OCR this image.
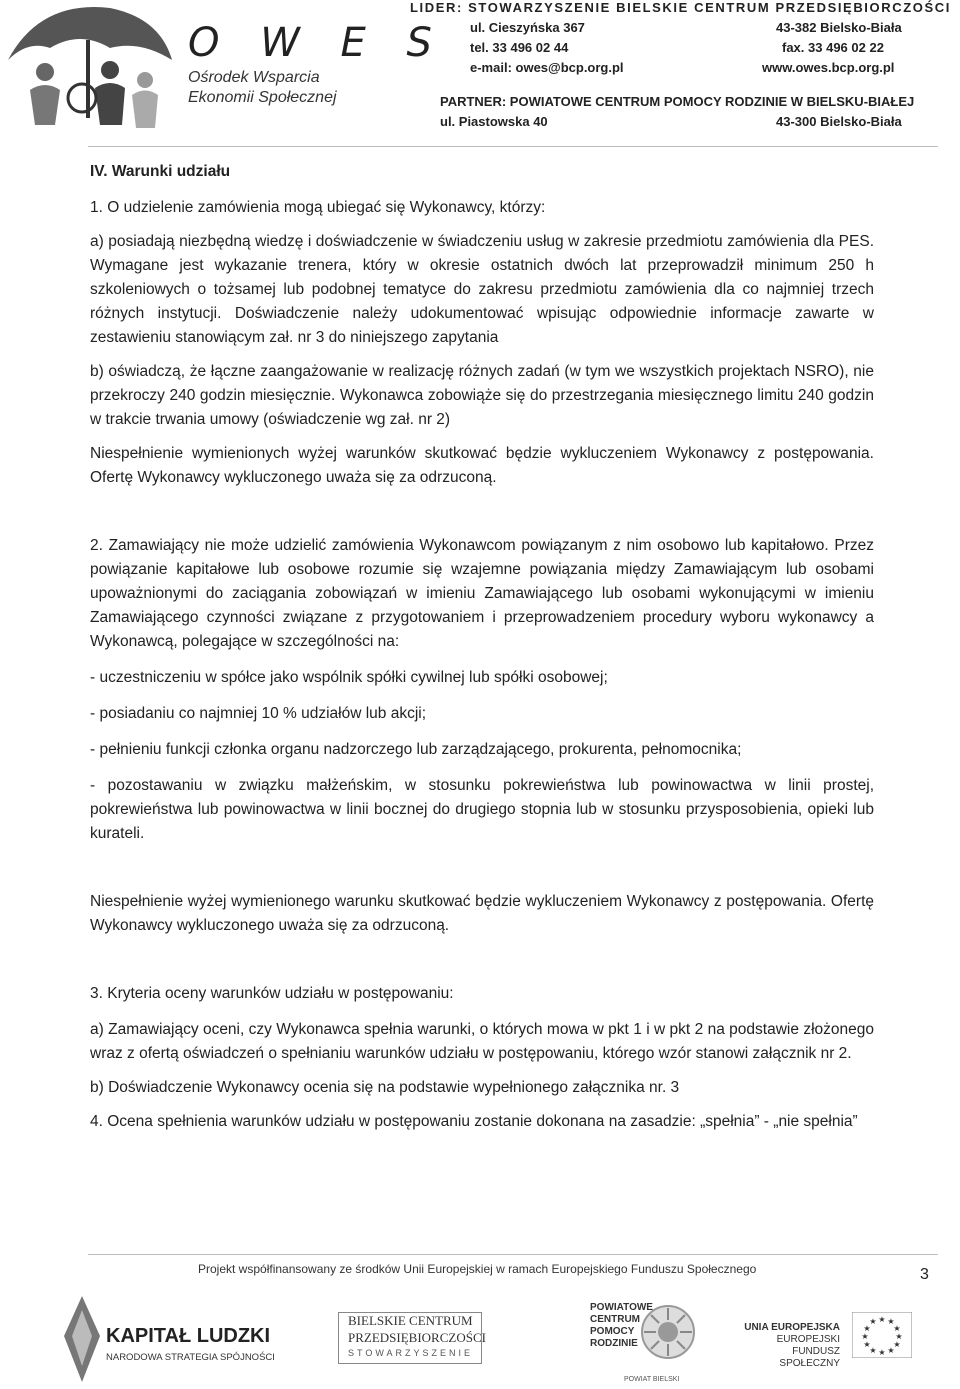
O W E S
Ośrodek Wsparcia
Ekonomii Społecznej
LIDER: STOWARZYSZENIE BIELSKIE CENTRUM PRZEDSIĘBIORCZOŚCI
ul. Cieszyńska 367	43-382 Bielsko-Biała
tel. 33 496 02 44	fax. 33 496 02 22
e-mail: owes@bcp.org.pl	www.owes.bcp.org.pl
PARTNER: POWIATOWE CENTRUM POMOCY RODZINIE W BIELSKU-BIAŁEJ
ul. Piastowska 40	43-300 Bielsko-Biała

IV. Warunki udziału

1. O udzielenie zamówienia mogą ubiegać się Wykonawcy, którzy:

a) posiadają niezbędną wiedzę i doświadczenie w świadczeniu usług w zakresie przedmiotu zamówienia dla PES. Wymagane jest wykazanie trenera, który w okresie ostatnich dwóch lat przeprowadził minimum 250 h szkoleniowych o tożsamej lub podobnej tematyce do zakresu przedmiotu zamówienia dla co najmniej trzech różnych instytucji. Doświadczenie należy udokumentować wpisując odpowiednie informacje zawarte w zestawieniu stanowiącym zał. nr 3 do niniejszego zapytania

b) oświadczą, że łączne zaangażowanie w realizację różnych zadań (w tym we wszystkich projektach NSRO), nie przekroczy 240 godzin miesięcznie. Wykonawca zobowiąże się do przestrzegania miesięcznego limitu 240 godzin w trakcie trwania umowy (oświadczenie wg zał. nr 2)

Niespełnienie wymienionych wyżej warunków skutkować będzie wykluczeniem Wykonawcy z postępowania. Ofertę Wykonawcy wykluczonego uważa się za odrzuconą.

2. Zamawiający nie może udzielić zamówienia Wykonawcom powiązanym z nim osobowo lub kapitałowo. Przez powiązanie kapitałowe lub osobowe rozumie się wzajemne powiązania między Zamawiającym lub osobami upoważnionymi do zaciągania zobowiązań w imieniu Zamawiającego lub osobami wykonującymi w imieniu Zamawiającego czynności związane z przygotowaniem i przeprowadzeniem procedury wyboru wykonawcy a Wykonawcą, polegające w szczególności na:

- uczestniczeniu w spółce jako wspólnik spółki cywilnej lub spółki osobowej;

- posiadaniu co najmniej 10 % udziałów lub akcji;

- pełnieniu funkcji członka organu nadzorczego lub zarządzającego, prokurenta, pełnomocnika;

- pozostawaniu w związku małżeńskim, w stosunku pokrewieństwa lub powinowactwa w linii prostej, pokrewieństwa lub powinowactwa w linii bocznej do drugiego stopnia lub w stosunku przysposobienia, opieki lub kurateli.

Niespełnienie wyżej wymienionego warunku skutkować będzie wykluczeniem Wykonawcy z postępowania. Ofertę Wykonawcy wykluczonego uważa się za odrzuconą.

3. Kryteria oceny warunków udziału w postępowaniu:

a) Zamawiający oceni, czy Wykonawca spełnia warunki, o których mowa w pkt 1 i w pkt 2 na podstawie złożonego wraz z ofertą oświadczeń o spełnianiu warunków udziału w postępowaniu, którego wzór stanowi załącznik nr 2.

b) Doświadczenie Wykonawcy ocenia się na podstawie wypełnionego załącznika nr. 3

4. Ocena spełnienia warunków udziału w postępowaniu zostanie dokonana na zasadzie: „spełnia” - „nie spełnia”

Projekt współfinansowany ze środków Unii Europejskiej w ramach Europejskiego Funduszu Społecznego	3
KAPITAŁ LUDZKI
NARODOWA STRATEGIA SPÓJNOŚCI
BIELSKIE CENTRUM
PRZEDSIĘBIORCZOŚCI
STOWARZYSZENIE
POWIATOWE
CENTRUM
POMOCY
RODZINIE
POWIAT BIELSKI
UNIA EUROPEJSKA
EUROPEJSKI
FUNDUSZ SPOŁECZNY
★ ★
★
★
★
★
★
★
★
★
★
★
